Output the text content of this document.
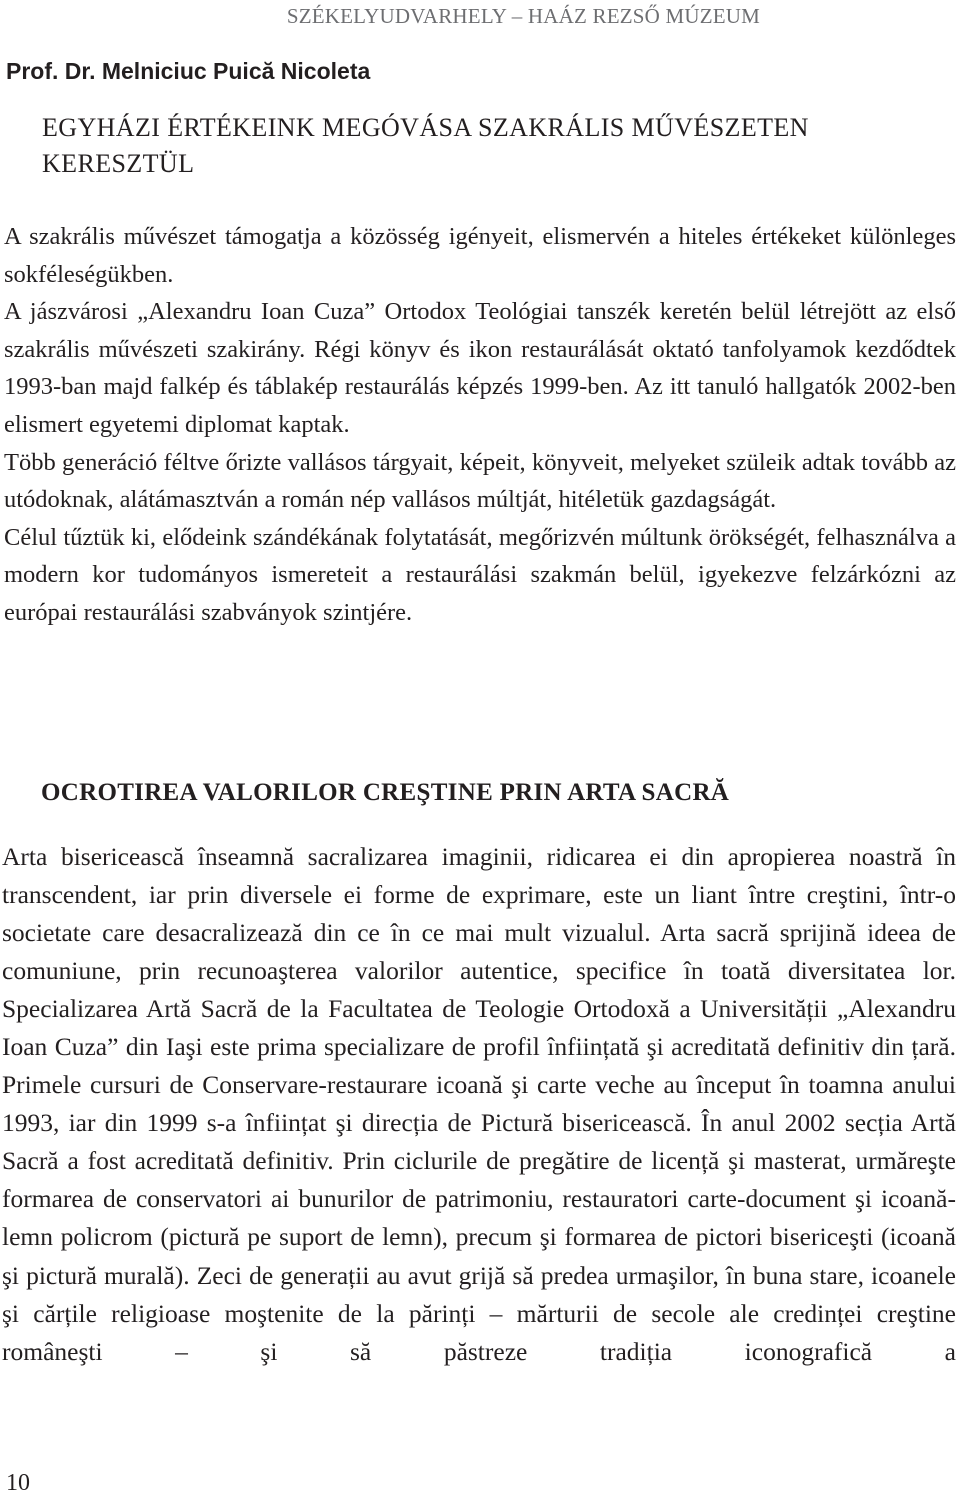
SZÉKELYUDVARHELY – HAÁZ REZSŐ MÚZEUM
Prof. Dr. Melniciuc Puică Nicoleta
EGYHÁZI ÉRTÉKEINK MEGÓVÁSA SZAKRÁLIS MŰVÉSZETEN KERESZTÜL

A szakrális művészet támogatja a közösség igényeit, elismervén a hiteles értékeket különleges sokféleségükben.

A jászvárosi „Alexandru Ioan Cuza” Ortodox Teológiai tanszék keretén belül létrejött az első szakrális művészeti szakirány. Régi könyv és ikon restaurálását oktató tanfolyamok kezdődtek 1993-ban majd falkép és táblakép restaurálás képzés 1999-ben. Az itt tanuló hallgatók 2002-ben elismert egyetemi diplomat kaptak.

Több generáció féltve őrizte vallásos tárgyait, képeit, könyveit, melyeket szüleik adtak tovább az utódoknak, alátámasztván a román nép vallásos múltját, hitéletük gazdagságát.

Célul tűztük ki, elődeink szándékának folytatását, megőrizvén múltunk örökségét, felhasználva a modern kor tudományos ismereteit a restaurálási szakmán belül, igyekezve felzárkózni az európai restaurálási szabványok szintjére.

OCROTIREA VALORILOR CREŞTINE PRIN ARTA SACRĂ

Arta bisericească înseamnă sacralizarea imaginii, ridicarea ei din apropierea noastră în transcendent, iar prin diversele ei forme de exprimare, este un liant între creştini, într-o societate care desacralizează din ce în ce mai mult vizualul. Arta sacră sprijină ideea de comuniune, prin recunoaşterea valorilor autentice, specifice în toată diversitatea lor. Specializarea Artă Sacră de la Facultatea de Teologie Ortodoxă a Universității „Alexandru Ioan Cuza” din Iaşi este prima specializare de profil înființată şi acreditată definitiv din țară. Primele cursuri de Conservare-restaurare icoană şi carte veche au început în toamna anului 1993, iar din 1999 s-a înființat şi direcția de Pictură bisericească. În anul 2002 secția Artă Sacră a fost acreditată definitiv. Prin ciclurile de pregătire de licență şi masterat, urmăreşte formarea de conservatori ai bunurilor de patrimoniu, restauratori carte-document şi icoană-lemn policrom (pictură pe suport de lemn), precum şi formarea de pictori bisericeşti (icoană şi pictură murală). Zeci de generații au avut grijă să predea urmaşilor, în buna stare, icoanele şi cărțile religioase moştenite de la părinți – mărturii de secole ale credinței creştine româneşti – şi să păstreze tradiția iconografică a

10
